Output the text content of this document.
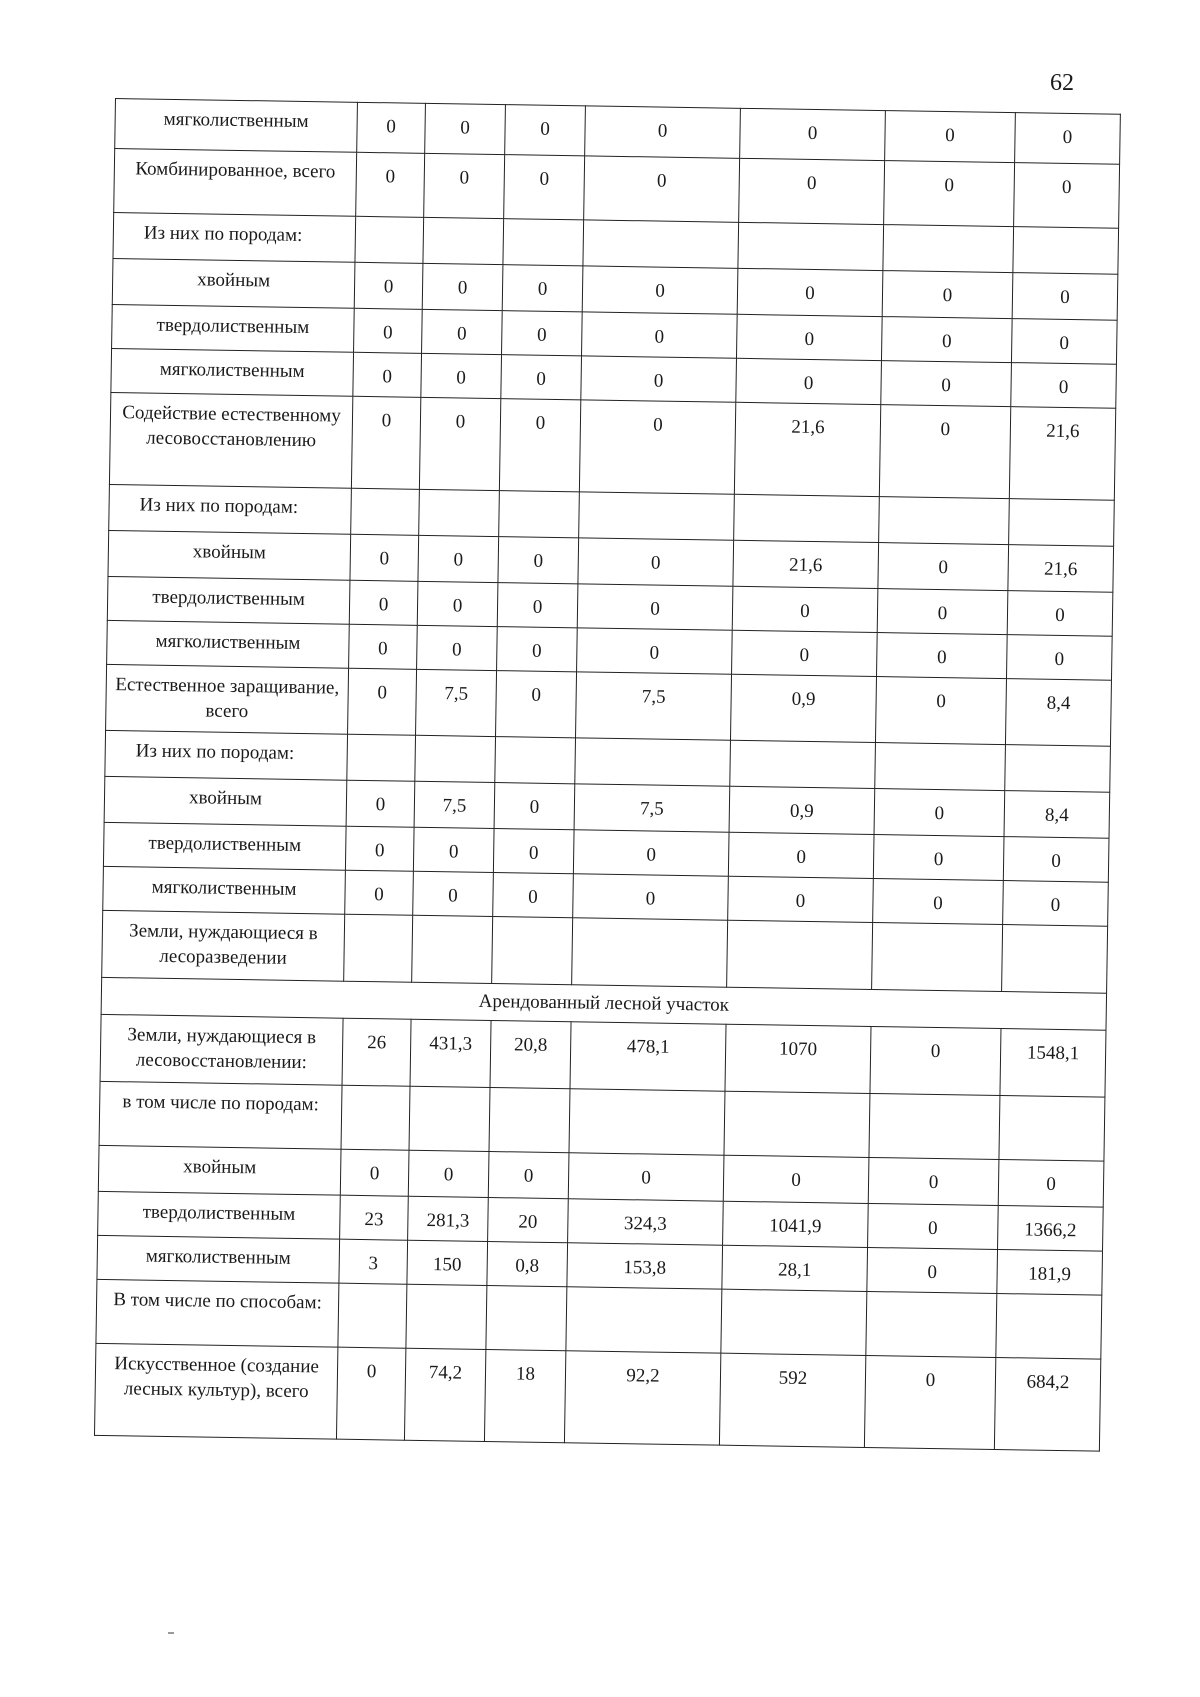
62
мягколиственным	0	0	0	0	0	0	0
Комбинированное, всего	0	0	0	0	0	0	0
Из них по породам:							
хвойным	0	0	0	0	0	0	0
твердолиственным	0	0	0	0	0	0	0
мягколиственным	0	0	0	0	0	0	0
Содействие естественному лесовосстановлению	0	0	0	0	21,6	0	21,6
Из них по породам:							
хвойным	0	0	0	0	21,6	0	21,6
твердолиственным	0	0	0	0	0	0	0
мягколиственным	0	0	0	0	0	0	0
Естественное заращивание, всего	0	7,5	0	7,5	0,9	0	8,4
Из них по породам:							
хвойным	0	7,5	0	7,5	0,9	0	8,4
твердолиственным	0	0	0	0	0	0	0
мягколиственным	0	0	0	0	0	0	0
Земли, нуждающиеся в лесоразведении							
Арендованный лесной участок							
Земли, нуждающиеся в лесовосстановлении:	26	431,3	20,8	478,1	1070	0	1548,1
в том числе по породам:							
хвойным	0	0	0	0	0	0	0
твердолиственным	23	281,3	20	324,3	1041,9	0	1366,2
мягколиственным	3	150	0,8	153,8	28,1	0	181,9
В том числе по способам:							
Искусственное (создание лесных культур), всего	0	74,2	18	92,2	592	0	684,2
